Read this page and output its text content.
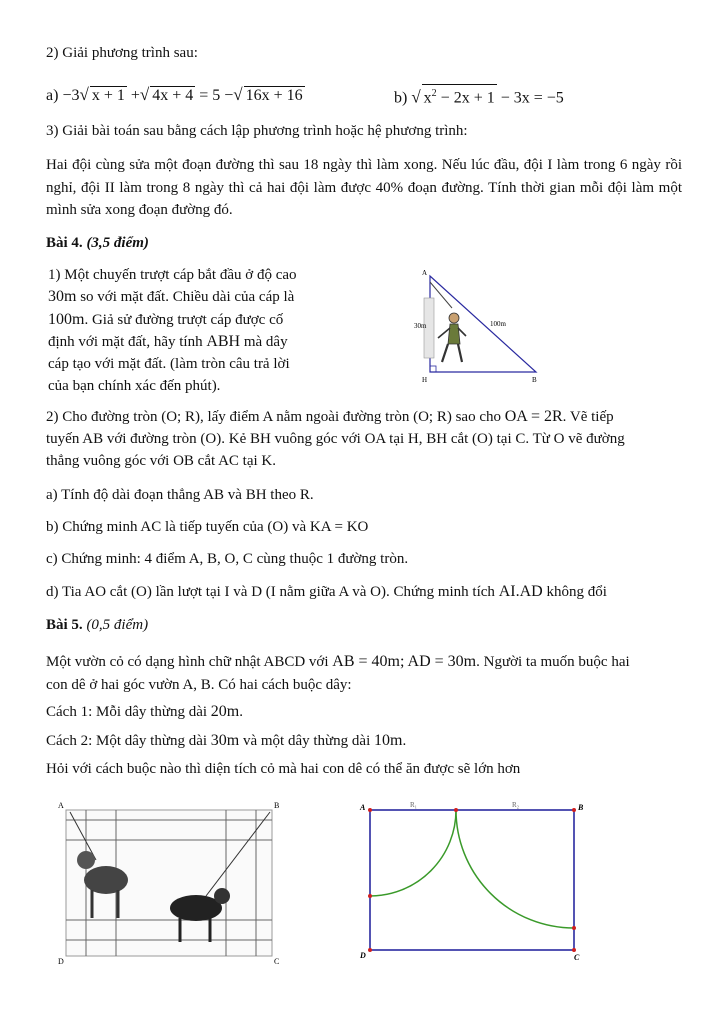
2) Giải phương trình sau:
a) −3√ x + 1 +√ 4x + 4 = 5 −√ 16x + 16	b) √ $x^2 - 2x + 1 - 3x = -5$
3) Giải bài toán sau bằng cách lập phương trình hoặc hệ phương trình:
Hai đội cùng sửa một đoạn đường thì sau 18 ngày thì làm xong. Nếu lúc đầu, đội I làm trong 6 ngày rồi nghỉ, đội II làm trong 8 ngày thì cả hai đội làm được 40% đoạn đường. Tính thời gian mỗi đội làm một mình sửa xong đoạn đường đó.
Bài 4. (3,5 điểm)
1) Một chuyến trượt cáp bắt đầu ở độ cao
30m so với mặt đất. Chiều dài của cáp là
100m. Giả sử đường trượt cáp được cố
định với mặt đất, hãy tính ABH mà dây
cáp tạo với mặt đất. (làm tròn câu trả lời
của bạn chính xác đến phút).
A
H	B
30m	100m
2) Cho đường tròn (O; R), lấy điểm A nằm ngoài đường tròn (O; R) sao cho OA = 2R. Vẽ tiếp
tuyến AB với đường tròn (O). Kẻ BH vuông góc với OA tại H, BH cắt (O) tại C. Từ O vẽ đường
thẳng vuông góc với OB cắt AC tại K.
a) Tính độ dài đoạn thẳng AB và BH theo R.
b) Chứng minh AC là tiếp tuyến của (O) và KA = KO
c) Chứng minh: 4 điểm A, B, O, C cùng thuộc 1 đường tròn.
d) Tia AO cắt (O) lần lượt tại I và D (I nằm giữa A và O). Chứng minh tích AI.AD không đổi
Bài 5. (0,5 điểm)
Một vườn cỏ có dạng hình chữ nhật ABCD với AB = 40m; AD = 30m. Người ta muốn buộc hai
con dê ở hai góc vườn A, B. Có hai cách buộc dây:
Cách 1: Mỗi dây thừng dài 20m.
Cách 2: Một dây thừng dài 30m và một dây thừng dài 10m.
Hỏi với cách buộc nào thì diện tích cỏ mà hai con dê có thể ăn được sẽ lớn hơn
A	B
D	C
A	B
D	C
R₁	R₂
